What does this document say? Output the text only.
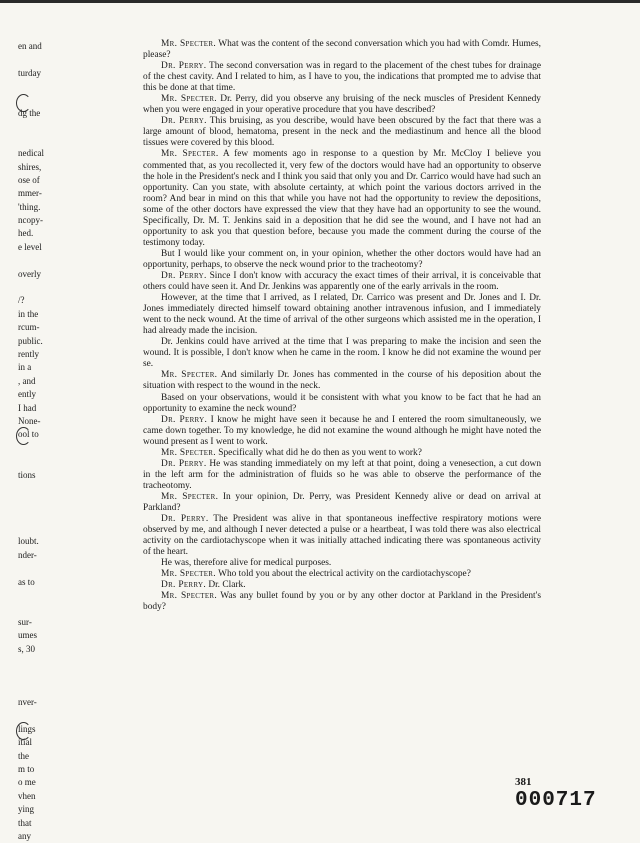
en and
turday
dg the
nedical
shires,
ose of
mmer-
'thing.
ncopy-
hed.
e level
overly
/?
in the
rcum-
public.
rently
in a
, and
ently
I had
None-
ool to
tions
loubt.
nder-
as to
sur-
umes
s, 30
nver-
lings
itial
the
m to
o me
vhen
ying
that
any

Mr. Specter. What was the content of the second conversation which you had with Comdr. Humes, please?

Dr. Perry. The second conversation was in regard to the placement of the chest tubes for drainage of the chest cavity. And I related to him, as I have to you, the indications that prompted me to advise that this be done at that time.

Mr. Specter. Dr. Perry, did you observe any bruising of the neck muscles of President Kennedy when you were engaged in your operative procedure that you have described?

Dr. Perry. This bruising, as you describe, would have been obscured by the fact that there was a large amount of blood, hematoma, present in the neck and the mediastinum and hence all the blood tissues were covered by this blood.

Mr. Specter. A few moments ago in response to a question by Mr. McCloy I believe you commented that, as you recollected it, very few of the doctors would have had an opportunity to observe the hole in the President's neck and I think you said that only you and Dr. Carrico would have had such an opportunity. Can you state, with absolute certainty, at which point the various doctors arrived in the room? And bear in mind on this that while you have not had the opportunity to review the depositions, some of the other doctors have expressed the view that they have had an opportunity to see the wound. Specifically, Dr. M. T. Jenkins said in a deposition that he did see the wound, and I have not had an opportunity to ask you that question before, because you made the comment during the course of the testimony today.

But I would like your comment on, in your opinion, whether the other doctors would have had an opportunity, perhaps, to observe the neck wound prior to the tracheotomy?

Dr. Perry. Since I don't know with accuracy the exact times of their arrival, it is conceivable that others could have seen it. And Dr. Jenkins was apparently one of the early arrivals in the room.

However, at the time that I arrived, as I related, Dr. Carrico was present and Dr. Jones and I. Dr. Jones immediately directed himself toward obtaining another intravenous infusion, and I immediately went to the neck wound. At the time of arrival of the other surgeons which assisted me in the operation, I had already made the incision.

Dr. Jenkins could have arrived at the time that I was preparing to make the incision and seen the wound. It is possible, I don't know when he came in the room. I know he did not examine the wound per se.

Mr. Specter. And similarly Dr. Jones has commented in the course of his deposition about the situation with respect to the wound in the neck.

Based on your observations, would it be consistent with what you know to be fact that he had an opportunity to examine the neck wound?

Dr. Perry. I know he might have seen it because he and I entered the room simultaneously, we came down together. To my knowledge, he did not examine the wound although he might have noted the wound present as I went to work.

Mr. Specter. Specifically what did he do then as you went to work?

Dr. Perry. He was standing immediately on my left at that point, doing a venesection, a cut down in the left arm for the administration of fluids so he was able to observe the performance of the tracheotomy.

Mr. Specter. In your opinion, Dr. Perry, was President Kennedy alive or dead on arrival at Parkland?

Dr. Perry. The President was alive in that spontaneous ineffective respiratory motions were observed by me, and although I never detected a pulse or a heartbeat, I was told there was also electrical activity on the cardiotachyscope when it was initially attached indicating there was spontaneous activity of the heart.

He was, therefore alive for medical purposes.

Mr. Specter. Who told you about the electrical activity on the cardiotachyscope?

Dr. Perry. Dr. Clark.

Mr. Specter. Was any bullet found by you or by any other doctor at Parkland in the President's body?

381
000717
